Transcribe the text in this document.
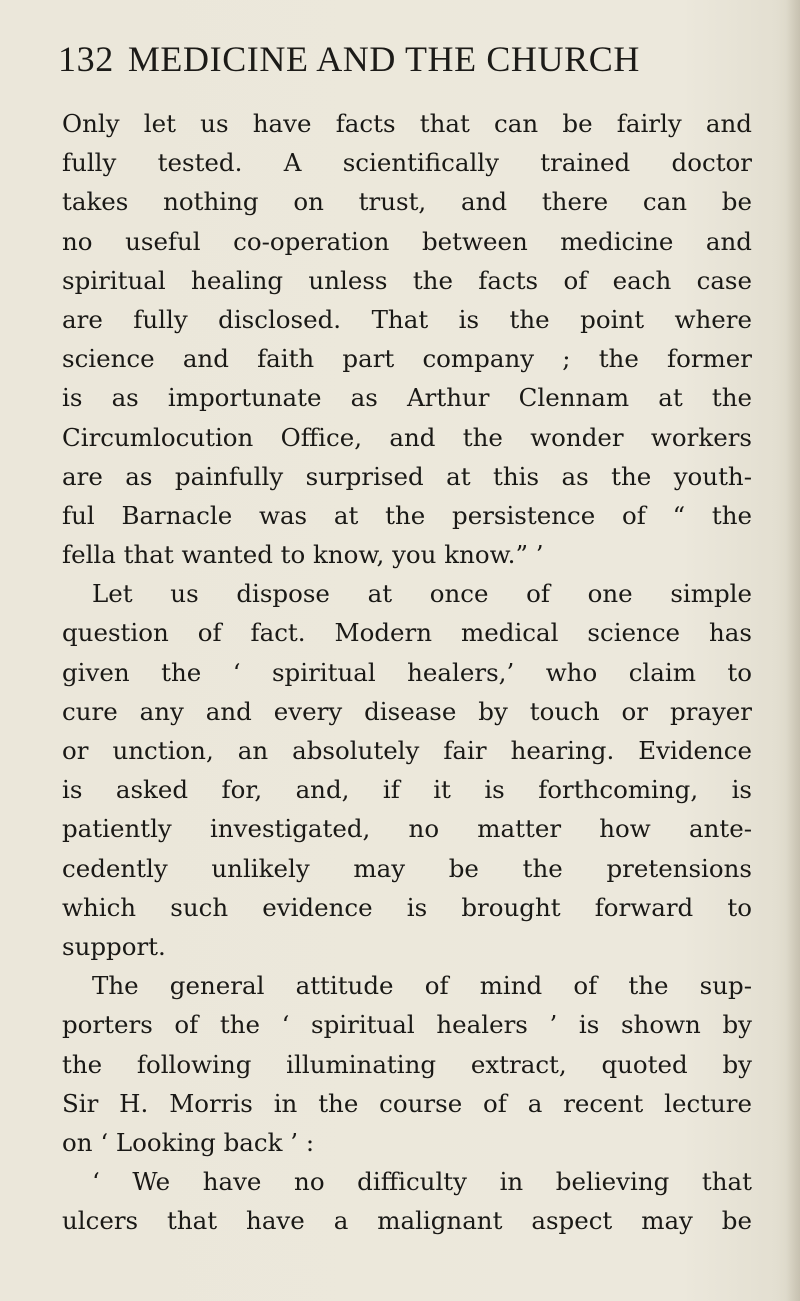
132 MEDICINE AND THE CHURCH
Only let us have facts that can be fairly and
fully tested. A scientifically trained doctor
takes nothing on trust, and there can be
no useful co-operation between medicine and
spiritual healing unless the facts of each case
are fully disclosed. That is the point where
science and faith part company ; the former
is as importunate as Arthur Clennam at the
Circumlocution Office, and the wonder workers
are as painfully surprised at this as the youth-
ful Barnacle was at the persistence of “ the
fella that wanted to know, you know.” ’
Let us dispose at once of one simple
question of fact. Modern medical science has
given the ‘ spiritual healers,’ who claim to
cure any and every disease by touch or prayer
or unction, an absolutely fair hearing. Evidence
is asked for, and, if it is forthcoming, is
patiently investigated, no matter how ante-
cedently unlikely may be the pretensions
which such evidence is brought forward to
support.
The general attitude of mind of the sup-
porters of the ‘ spiritual healers ’ is shown by
the following illuminating extract, quoted by
Sir H. Morris in the course of a recent lecture
on ‘ Looking back ’ :
‘ We have no difficulty in believing that
ulcers that have a malignant aspect may be
